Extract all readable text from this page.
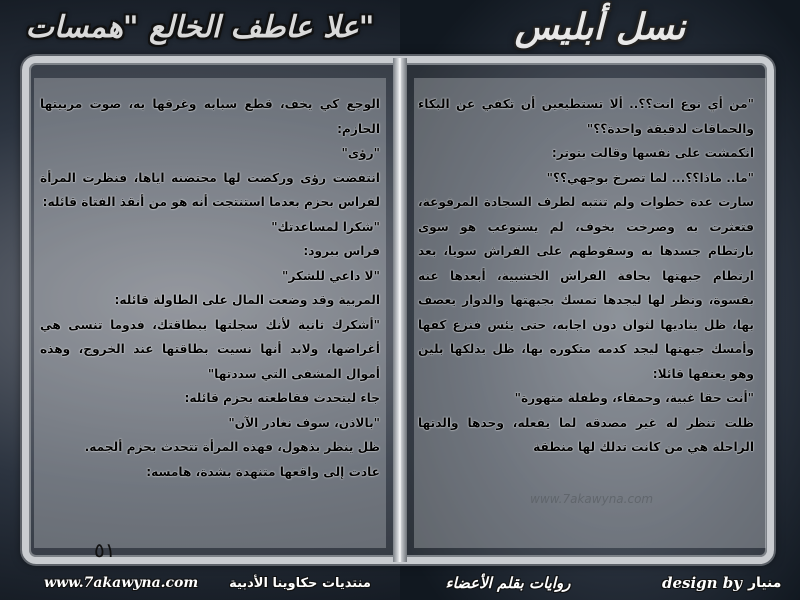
"علا عاطف الخالع "همسات	نسل أبليس

"من أي نوع انت؟؟.. ألا تستطيعين أن تكفي عن البكاء والحماقات لدقيقة واحدة؟؟"

انكمشت على نفسها وقالت بتوتر:

"ما.. ماذا؟؟... لما تصرخ بوجهي؟؟"

سارت عدة خطوات ولم تنتبه لطرف السجادة المرفوعة، فتعثرت به وصرخت بخوف، لم يستوعب هو سوى بارتطام جسدها به وسقوطهم على الفراش سويا، بعد ارتطام جبهتها بحافة الفراش الخشبية، أبعدها عنه بقسوة، ونظر لها ليجدها تمسك بجبهتها والدوار يعصف بها، ظل يناديها لثوان دون اجابه، حتى يئس فنزع كفها وأمسك جبهتها ليجد كدمه متكوره بها، ظل يدلكها بلين وهو يعنفها قائلا:

"أنت حقا غبية، وحمقاء، وطفلة متهورة"

ظلت تنظر له غير مصدقه لما يفعله، وحدها والدتها الراحلة هي من كانت تدلك لها منطقة

الوجع كي يخف، قطع سبابه وغرقها به، صوت مربيتها الحازم:

"رؤى"

انتفضت رؤى وركضت لها محتضنه اياها، فنظرت المرأة لفراس بحزم بعدما استنتجت أنه هو من أنقذ الفتاة قائله:

"شكرا لمساعدتك"

فراس ببرود:

"لا داعي للشكر"

المربية وقد وضعت المال على الطاولة قائله:

"أشكرك ثانية لأنك سجلتها ببطاقتك، فدوما تنسى هي أغراضها، ولابد أنها نسيت بطاقتها عند الخروج، وهذه أموال المشفى التي سددتها"

جاء ليتحدث فقاطعته بحزم قائله:

"بالاذن، سوف نغادر الآن"

ظل ينظر بذهول، فهذه المرأة تتحدث بحزم ألجمه.

عادت إلى واقعها متنهدة بشدة، هامسه:

www.7akawyna.com
٥١
www.7akawyna.com	منتديات حكاوينا الأدبية	روايات بقلم الأعضاء	design by منيار
